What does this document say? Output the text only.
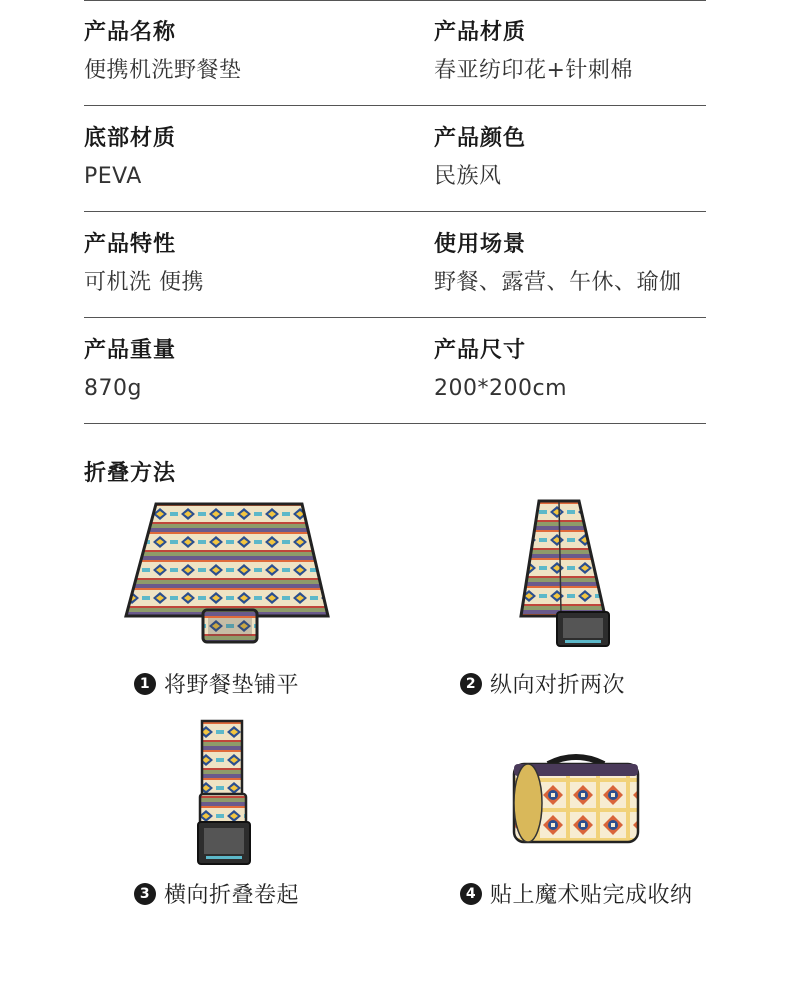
产品名称
便携机洗野餐垫
产品材质
春亚纺印花+针刺棉
底部材质
PEVA
产品颜色
民族风
产品特性
可机洗 便携
使用场景
野餐、露营、午休、瑜伽
产品重量
870g
产品尺寸
200*200cm
折叠方法
1 将野餐垫铺平	2 纵向对折两次
3 横向折叠卷起	4 贴上魔术贴完成收纳
